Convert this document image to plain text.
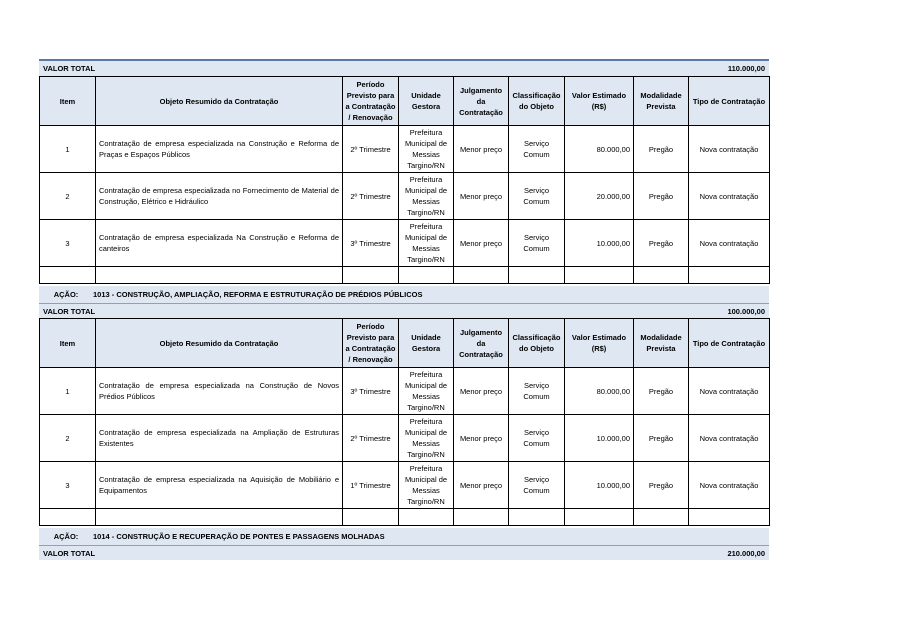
VALOR TOTAL	110.000,00
Item	Objeto Resumido da Contratação	Período Previsto para a Contratação / Renovação	Unidade Gestora	Julgamento da Contratação	Classificação do Objeto	Valor Estimado (R$)	Modalidade Prevista	Tipo de Contratação
1	Contratação de empresa especializada na Construção e Reforma de Praças e Espaços Públicos	2º Trimestre	Prefeitura Municipal de Messias Targino/RN	Menor preço	Serviço Comum	80.000,00	Pregão	Nova contratação
2	Contratação de empresa especializada no Fornecimento de Material de Construção, Elétrico e Hidráulico	2º Trimestre	Prefeitura Municipal de Messias Targino/RN	Menor preço	Serviço Comum	20.000,00	Pregão	Nova contratação
3	Contratação de empresa especializada Na Construção e Reforma de canteiros	3º Trimestre	Prefeitura Municipal de Messias Targino/RN	Menor preço	Serviço Comum	10.000,00	Pregão	Nova contratação

AÇÃO:	1013 - CONSTRUÇÃO, AMPLIAÇÃO, REFORMA E ESTRUTURAÇÃO DE PRÉDIOS PÚBLICOS
VALOR TOTAL	100.000,00
Item	Objeto Resumido da Contratação	Período Previsto para a Contratação / Renovação	Unidade Gestora	Julgamento da Contratação	Classificação do Objeto	Valor Estimado (R$)	Modalidade Prevista	Tipo de Contratação
1	Contratação de empresa especializada na Construção de Novos Prédios Públicos	3º Trimestre	Prefeitura Municipal de Messias Targino/RN	Menor preço	Serviço Comum	80.000,00	Pregão	Nova contratação
2	Contratação de empresa especializada na Ampliação de Estruturas Existentes	2º Trimestre	Prefeitura Municipal de Messias Targino/RN	Menor preço	Serviço Comum	10.000,00	Pregão	Nova contratação
3	Contratação de empresa especializada na Aquisição de Mobiliário e Equipamentos	1º Trimestre	Prefeitura Municipal de Messias Targino/RN	Menor preço	Serviço Comum	10.000,00	Pregão	Nova contratação

AÇÃO:	1014 - CONSTRUÇÃO E RECUPERAÇÃO DE PONTES E PASSAGENS MOLHADAS
VALOR TOTAL	210.000,00
